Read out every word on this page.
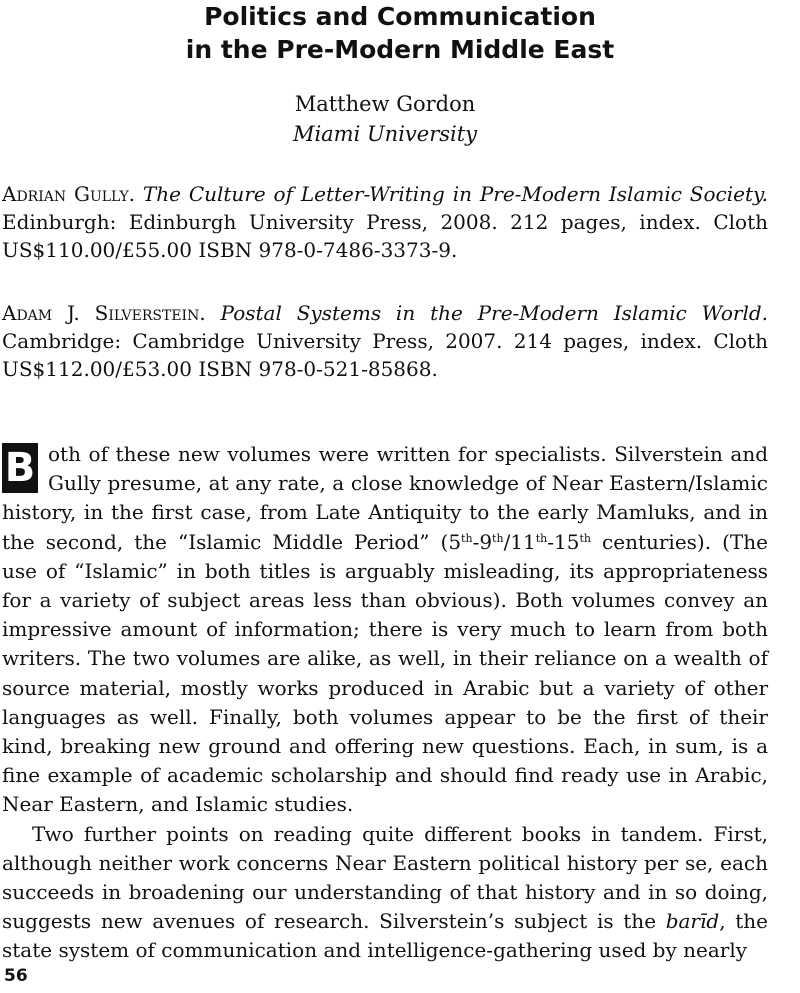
Politics and Communication
in the Pre-Modern Middle East
Matthew Gordon
Miami University

Adrian Gully. The Culture of Letter-Writing in Pre-Modern Islamic Society. Edinburgh: Edinburgh University Press, 2008. 212 pages, index. Cloth US$110.00/£55.00 ISBN 978-0-7486-3373-9.

Adam J. Silverstein. Postal Systems in the Pre-Modern Islamic World. Cambridge: Cambridge University Press, 2007. 214 pages, index. Cloth US$112.00/£53.00 ISBN 978-0-521-85868.

B oth of these new volumes were written for specialists. Silverstein and Gully presume, at any rate, a close knowledge of Near Eastern/Islamic history, in the first case, from Late Antiquity to the early Mamluks, and in the second, the “Islamic Middle Period” (5th-9th/11th-15th centuries). (The use of “Islamic” in both titles is arguably misleading, its appropriateness for a variety of subject areas less than obvious). Both volumes convey an impressive amount of information; there is very much to learn from both writers. The two volumes are alike, as well, in their reliance on a wealth of source material, mostly works produced in Arabic but a variety of other languages as well. Finally, both volumes appear to be the first of their kind, breaking new ground and offering new questions. Each, in sum, is a fine example of academic scholarship and should find ready use in Arabic, Near Eastern, and Islamic studies.

Two further points on reading quite different books in tandem. First, although neither work concerns Near Eastern political history per se, each succeeds in broadening our understanding of that history and in so doing, suggests new avenues of research. Silverstein’s subject is the barīd, the state system of communication and intelligence-gathering used by nearly

56
